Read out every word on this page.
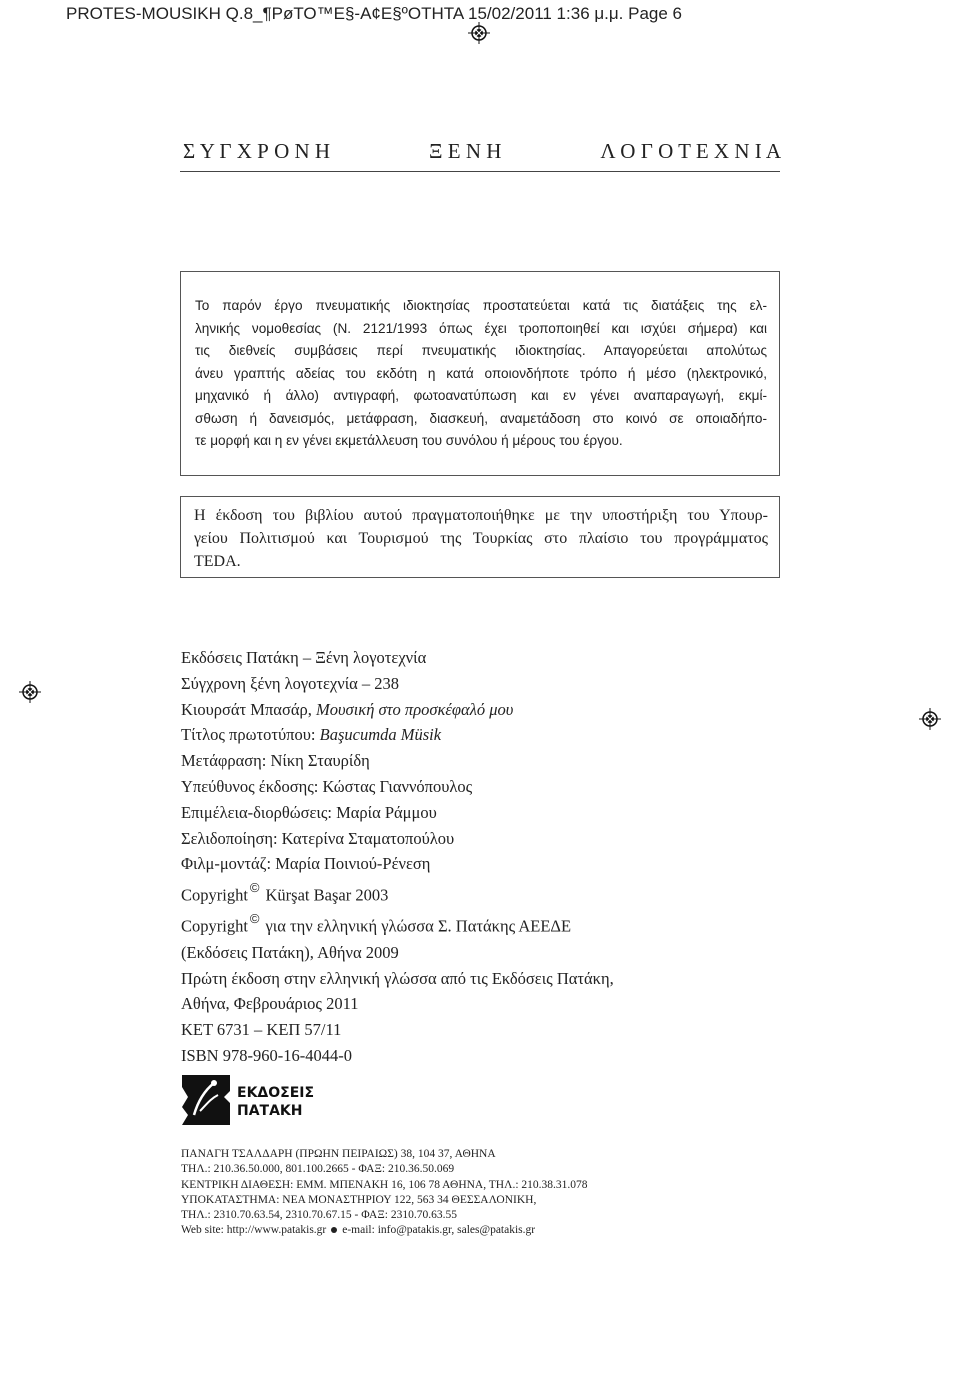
PROTES-MOUSIKH Q.8_¶PøTO™E§-A¢E§ºOTHTA 15/02/2011 1:36 μ.μ. Page 6
Σ Υ Γ Χ Ρ Ο Ν Η	Ξ Ε Ν Η	Λ Ο Γ Ο Τ Ε Χ Ν Ι Α
Το παρόν έργο πνευματικής ιδιοκτησίας προστατεύεται κατά τις διατάξεις της ελ-
ληνικής νομοθεσίας (Ν. 2121/1993 όπως έχει τροποποιηθεί και ισχύει σήμερα) και
τις διεθνείς συμβάσεις περί πνευματικής ιδιοκτησίας. Απαγορεύεται απολύτως
άνευ γραπτής αδείας του εκδότη η κατά οποιονδήποτε τρόπο ή μέσο (ηλεκτρονικό,
μηχανικό ή άλλο) αντιγραφή, φωτοανατύπωση και εν γένει αναπαραγωγή, εκμί-
σθωση ή δανεισμός, μετάφραση, διασκευή, αναμετάδοση στο κοινό σε οποιαδήπο-
τε μορφή και η εν γένει εκμετάλλευση του συνόλου ή μέρους του έργου.
Η έκδοση του βιβλίου αυτού πραγματοποιήθηκε με την υποστήριξη του Υπουρ-
γείου Πολιτισμού και Τουρισμού της Τουρκίας στο πλαίσιο του προγράμματος
TEDA.
Εκδόσεις Πατάκη – Ξένη λογοτεχνία
Σύγχρονη ξένη λογοτεχνία – 238
Κιουρσάτ Μπασάρ, Μουσική στο προσκέφαλό μου
Τίτλος πρωτοτύπου: Başucumda Müsik
Μετάφραση: Νίκη Σταυρίδη
Υπεύθυνος έκδοσης: Κώστας Γιαννόπουλος
Επιμέλεια-διορθώσεις: Μαρία Ράμμου
Σελιδοποίηση: Κατερίνα Σταματοπούλου
Φιλμ-μοντάζ: Μαρία Ποινιού-Ρένεση
Copyright © Kürşat Başar 2003
Copyright © για την ελληνική γλώσσα Σ. Πατάκης ΑΕΕΔΕ
(Εκδόσεις Πατάκη), Αθήνα 2009
Πρώτη έκδοση στην ελληνική γλώσσα από τις Εκδόσεις Πατάκη,
Αθήνα, Φεβρουάριος 2011
ΚΕΤ 6731 – ΚΕΠ 57/11
ISBN 978-960-16-4044-0
ΕΚΔΟΣΕΙΣ
ΠΑΤΑΚΗ
ΠΑΝΑΓΗ ΤΣΑΛΔΑΡΗ (ΠΡΩΗΝ ΠΕΙΡΑΙΩΣ) 38, 104 37, ΑΘΗΝΑ
ΤΗΛ.: 210.36.50.000, 801.100.2665 - ΦΑΞ: 210.36.50.069
ΚΕΝΤΡΙΚΗ ΔΙΑΘΕΣΗ: ΕΜΜ. ΜΠΕΝΑΚΗ 16, 106 78 ΑΘΗΝΑ, ΤΗΛ.: 210.38.31.078
ΥΠΟΚΑΤΑΣΤΗΜΑ: ΝΕΑ ΜΟΝΑΣΤΗΡΙΟΥ 122, 563 34 ΘΕΣΣΑΛΟΝΙΚΗ,
ΤΗΛ.: 2310.70.63.54, 2310.70.67.15 - ΦΑΞ: 2310.70.63.55
Web site: http://www.patakis.gr e-mail: info@patakis.gr, sales@patakis.gr
